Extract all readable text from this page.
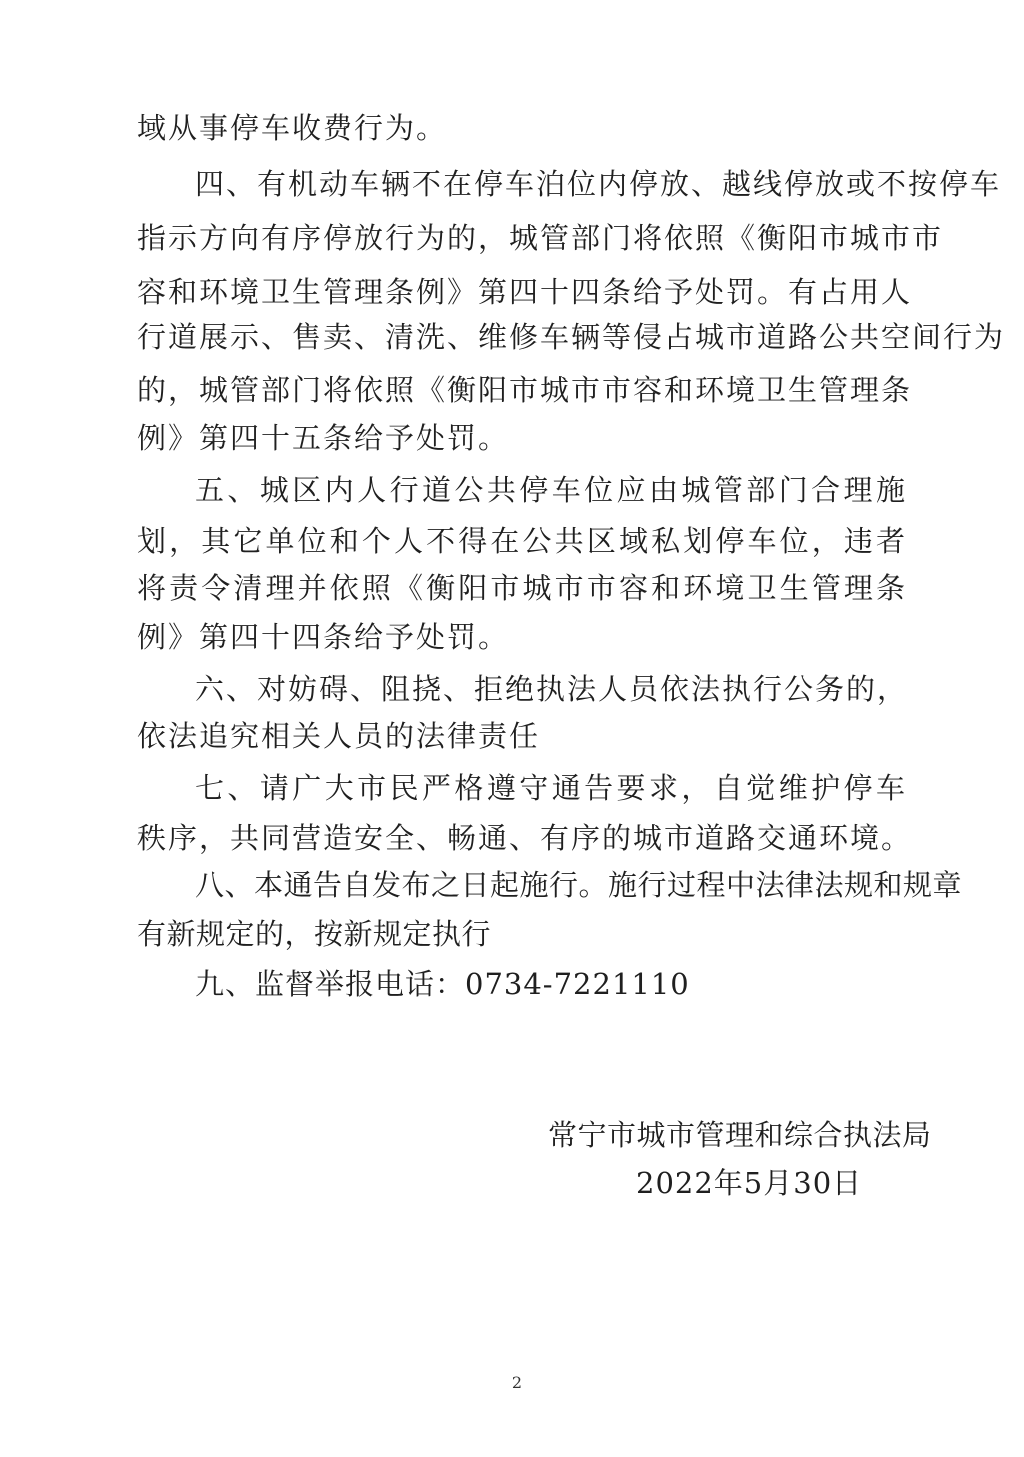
域从事停车收费行为。
四、有机动车辆不在停车泊位内停放、越线停放或不按停车
指示方向有序停放行为的，城管部门将依照《衡阳市城市市
容和环境卫生管理条例》第四十四条给予处罚。有占用人
行道展示、售卖、清洗、维修车辆等侵占城市道路公共空间行为
的，城管部门将依照《衡阳市城市市容和环境卫生管理条
例》第四十五条给予处罚。
五、城区内人行道公共停车位应由城管部门合理施
划，其它单位和个人不得在公共区域私划停车位，违者
将责令清理并依照《衡阳市城市市容和环境卫生管理条
例》第四十四条给予处罚。
六、对妨碍、阻挠、拒绝执法人员依法执行公务的，
依法追究相关人员的法律责任
七、请广大市民严格遵守通告要求，自觉维护停车
秩序，共同营造安全、畅通、有序的城市道路交通环境。
八、本通告自发布之日起施行。施行过程中法律法规和规章
有新规定的，按新规定执行
九、监督举报电话：0734-7221110
常宁市城市管理和综合执法局
2022年5月30日
2
